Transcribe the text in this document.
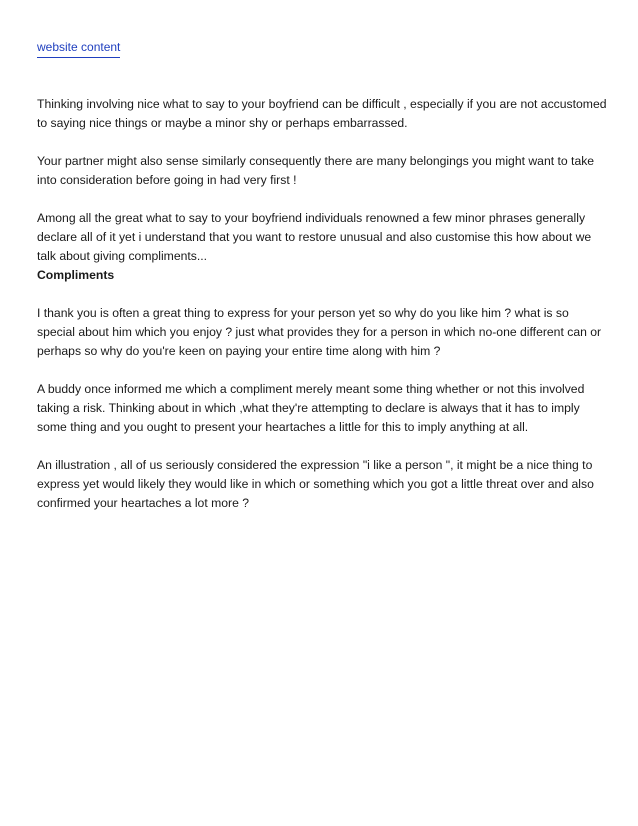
website content

Thinking involving nice what to say to your boyfriend can be difficult , especially if you are not accustomed to saying nice things or maybe a minor shy or perhaps embarrassed.

Your partner might also sense similarly consequently there are many belongings you might want to take into consideration before going in had very first !

Among all the great what to say to your boyfriend individuals renowned a few minor phrases generally declare all of it yet i understand that you want to restore unusual and also customise this how about we talk about giving compliments...

Compliments

I thank you is often a great thing to express for your person yet so why do you like him ? what is so special about him which you enjoy ? just what provides they for a person in which no-one different can or perhaps so why do you're keen on paying your entire time along with him ?

A buddy once informed me which a compliment merely meant some thing whether or not this involved taking a risk. Thinking about in which ,what they're attempting to declare is always that it has to imply some thing and you ought to present your heartaches a little for this to imply anything at all.

An illustration , all of us seriously considered the expression "i like a person ", it might be a nice thing to express yet would likely they would like in which or something which you got a little threat over and also confirmed your heartaches a lot more ?
